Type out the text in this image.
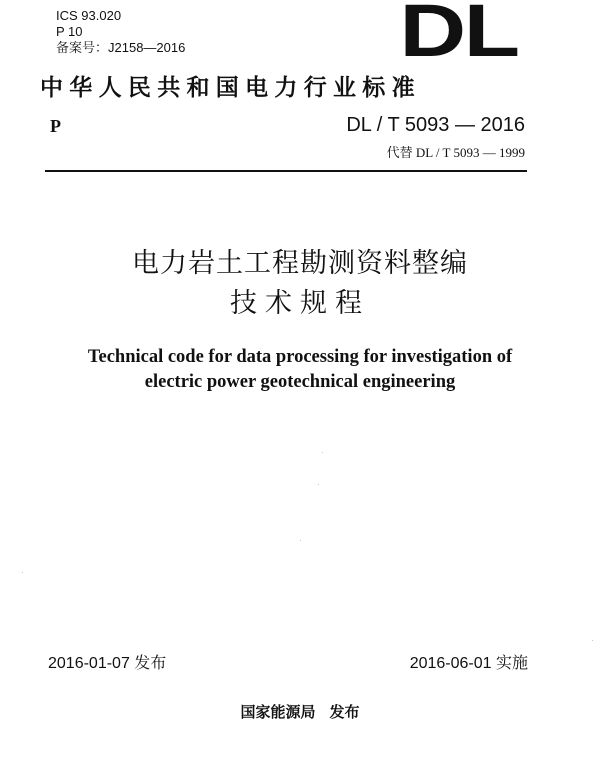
ICS 93.020
P 10
备案号：J2158—2016	DL
中华人民共和国电力行业标准
P	DL / T 5093 — 2016
代替 DL / T 5093 — 1999
电力岩土工程勘测资料整编
技术规程
Technical code for data processing for investigation of
electric power geotechnical engineering
2016-01-07 发布	2016-06-01 实施
国家能源局 发布
